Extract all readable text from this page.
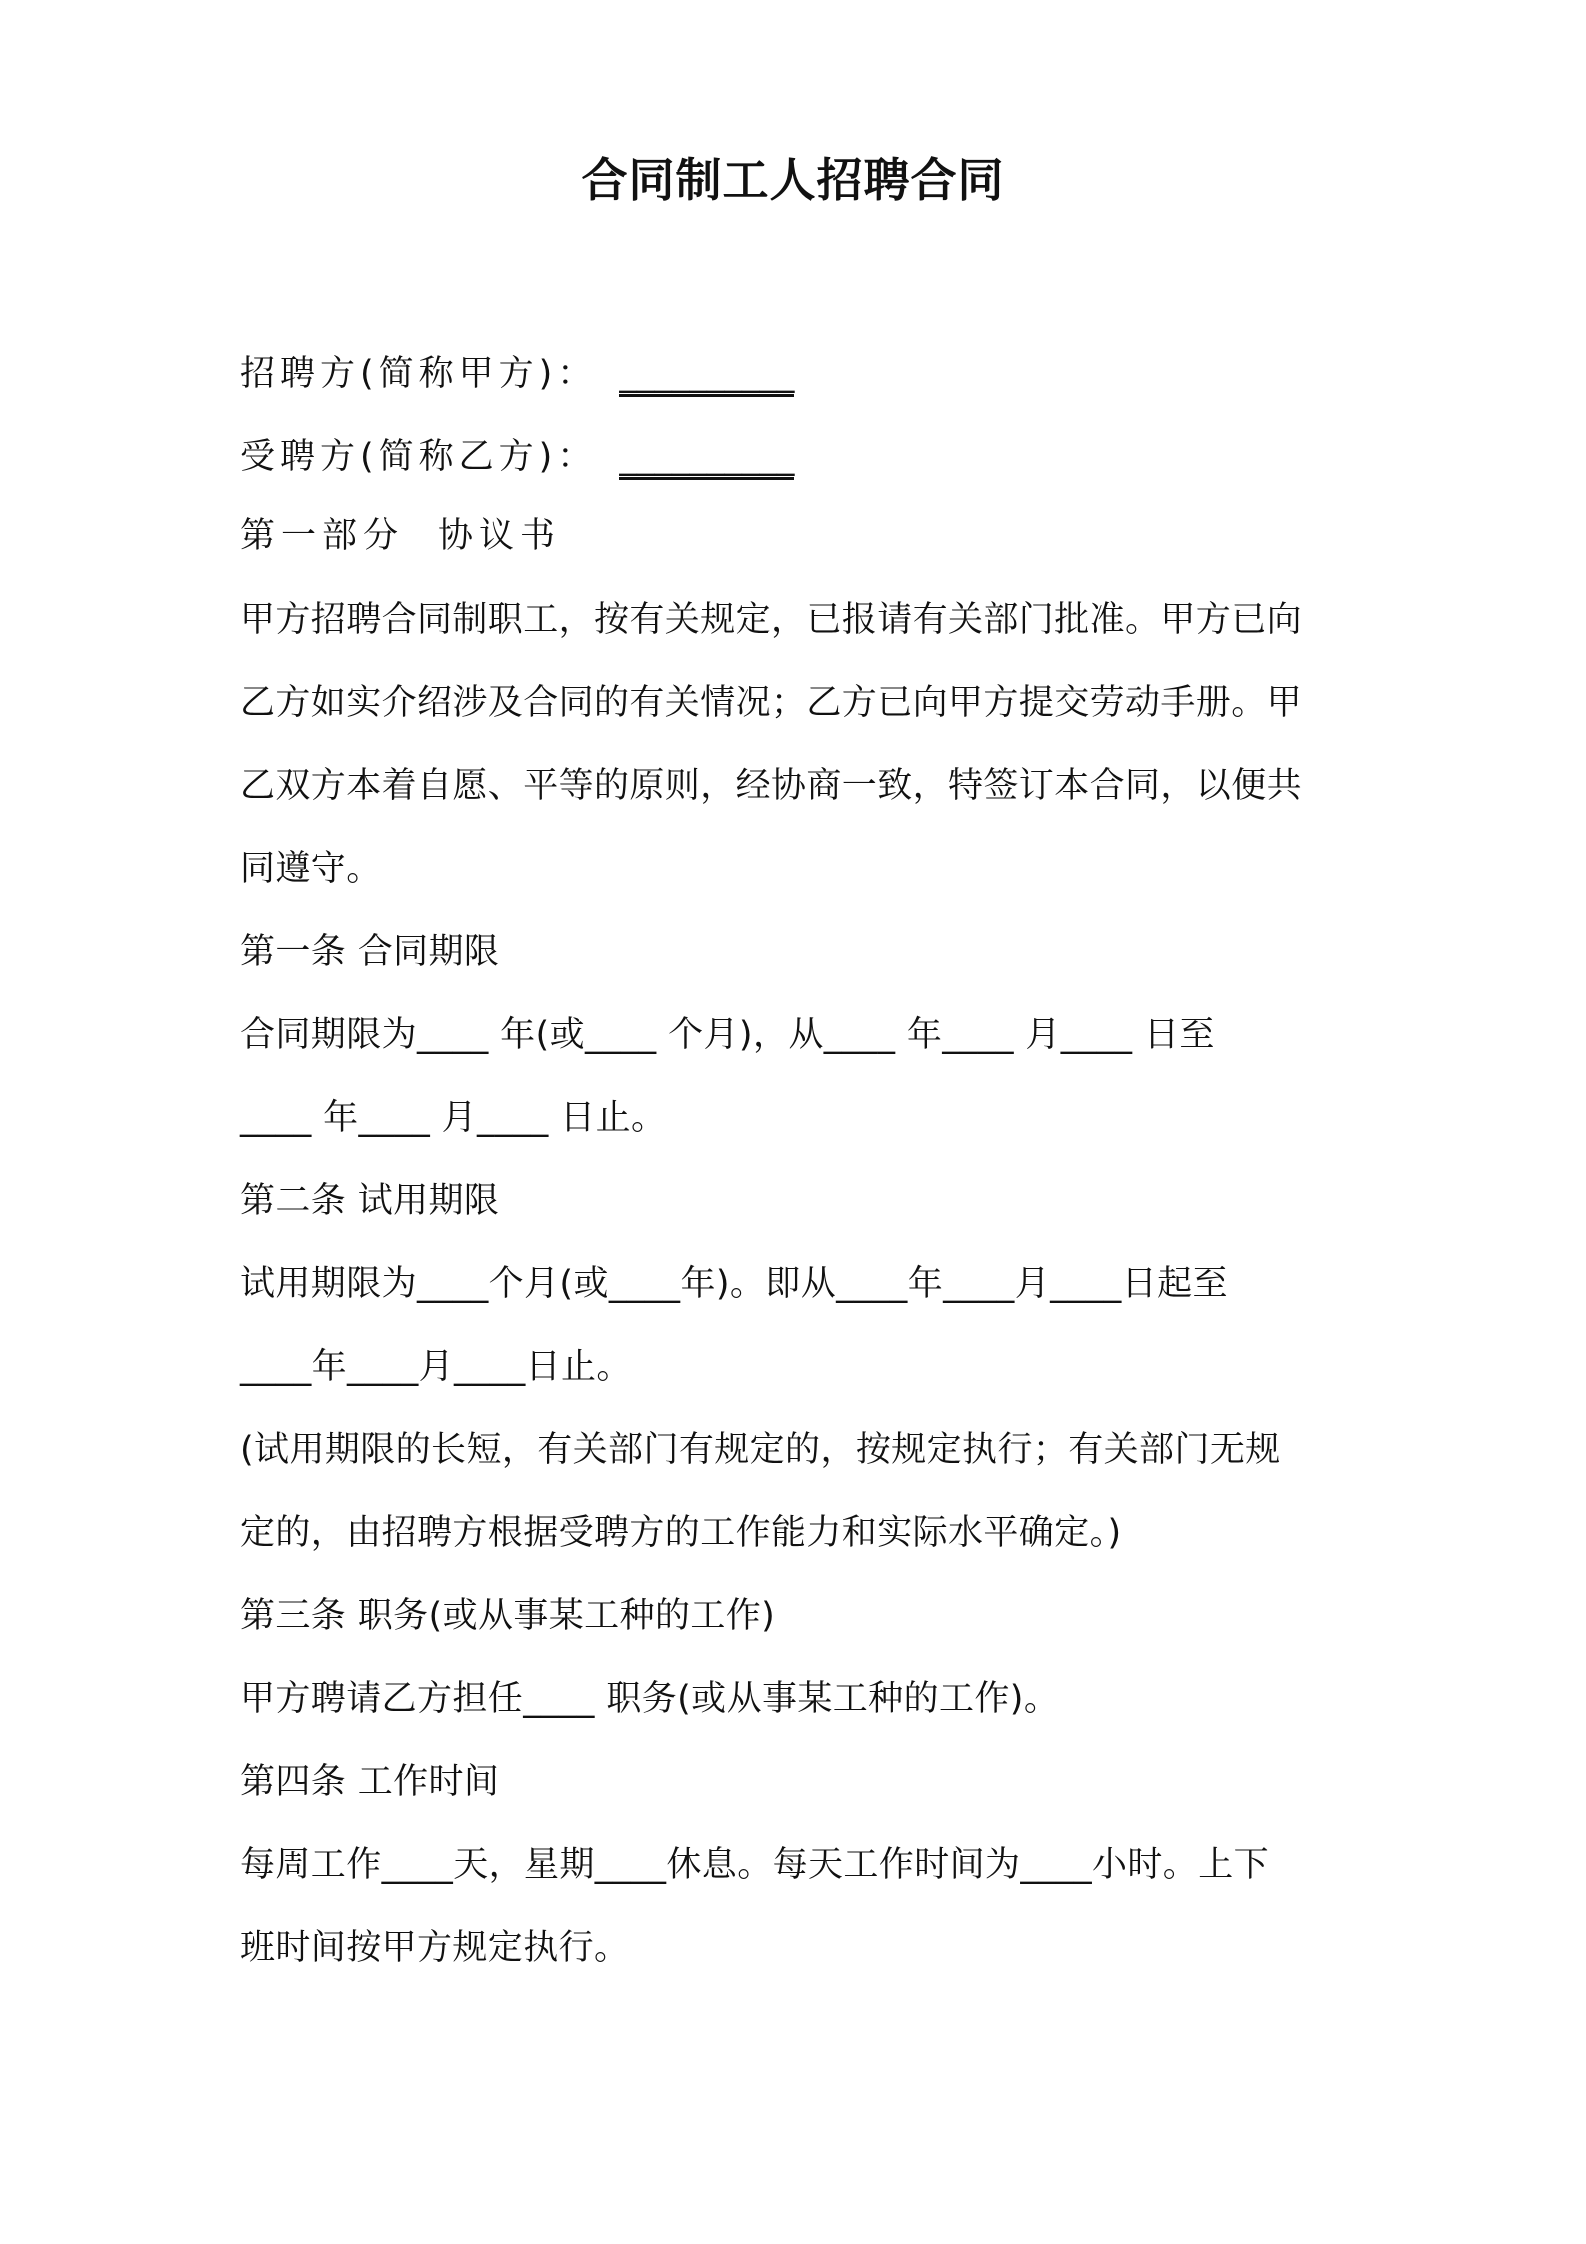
合同制工人招聘合同
招聘方(简称甲方)： __________
受聘方(简称乙方)： __________
第一部分 协议书
甲方招聘合同制职工，按有关规定，已报请有关部门批准。甲方已向
乙方如实介绍涉及合同的有关情况；乙方已向甲方提交劳动手册。甲
乙双方本着自愿、平等的原则，经协商一致，特签订本合同，以便共
同遵守。
第一条 合同期限
合同期限为____ 年(或____ 个月)，从____ 年____ 月____ 日至
____ 年____ 月____ 日止。
第二条 试用期限
试用期限为____个月(或____年)。即从____年____月____日起至
____年____月____日止。
(试用期限的长短，有关部门有规定的，按规定执行；有关部门无规
定的，由招聘方根据受聘方的工作能力和实际水平确定。)
第三条 职务(或从事某工种的工作)
甲方聘请乙方担任____ 职务(或从事某工种的工作)。
第四条 工作时间
每周工作____天，星期____休息。每天工作时间为____小时。上下
班时间按甲方规定执行。
